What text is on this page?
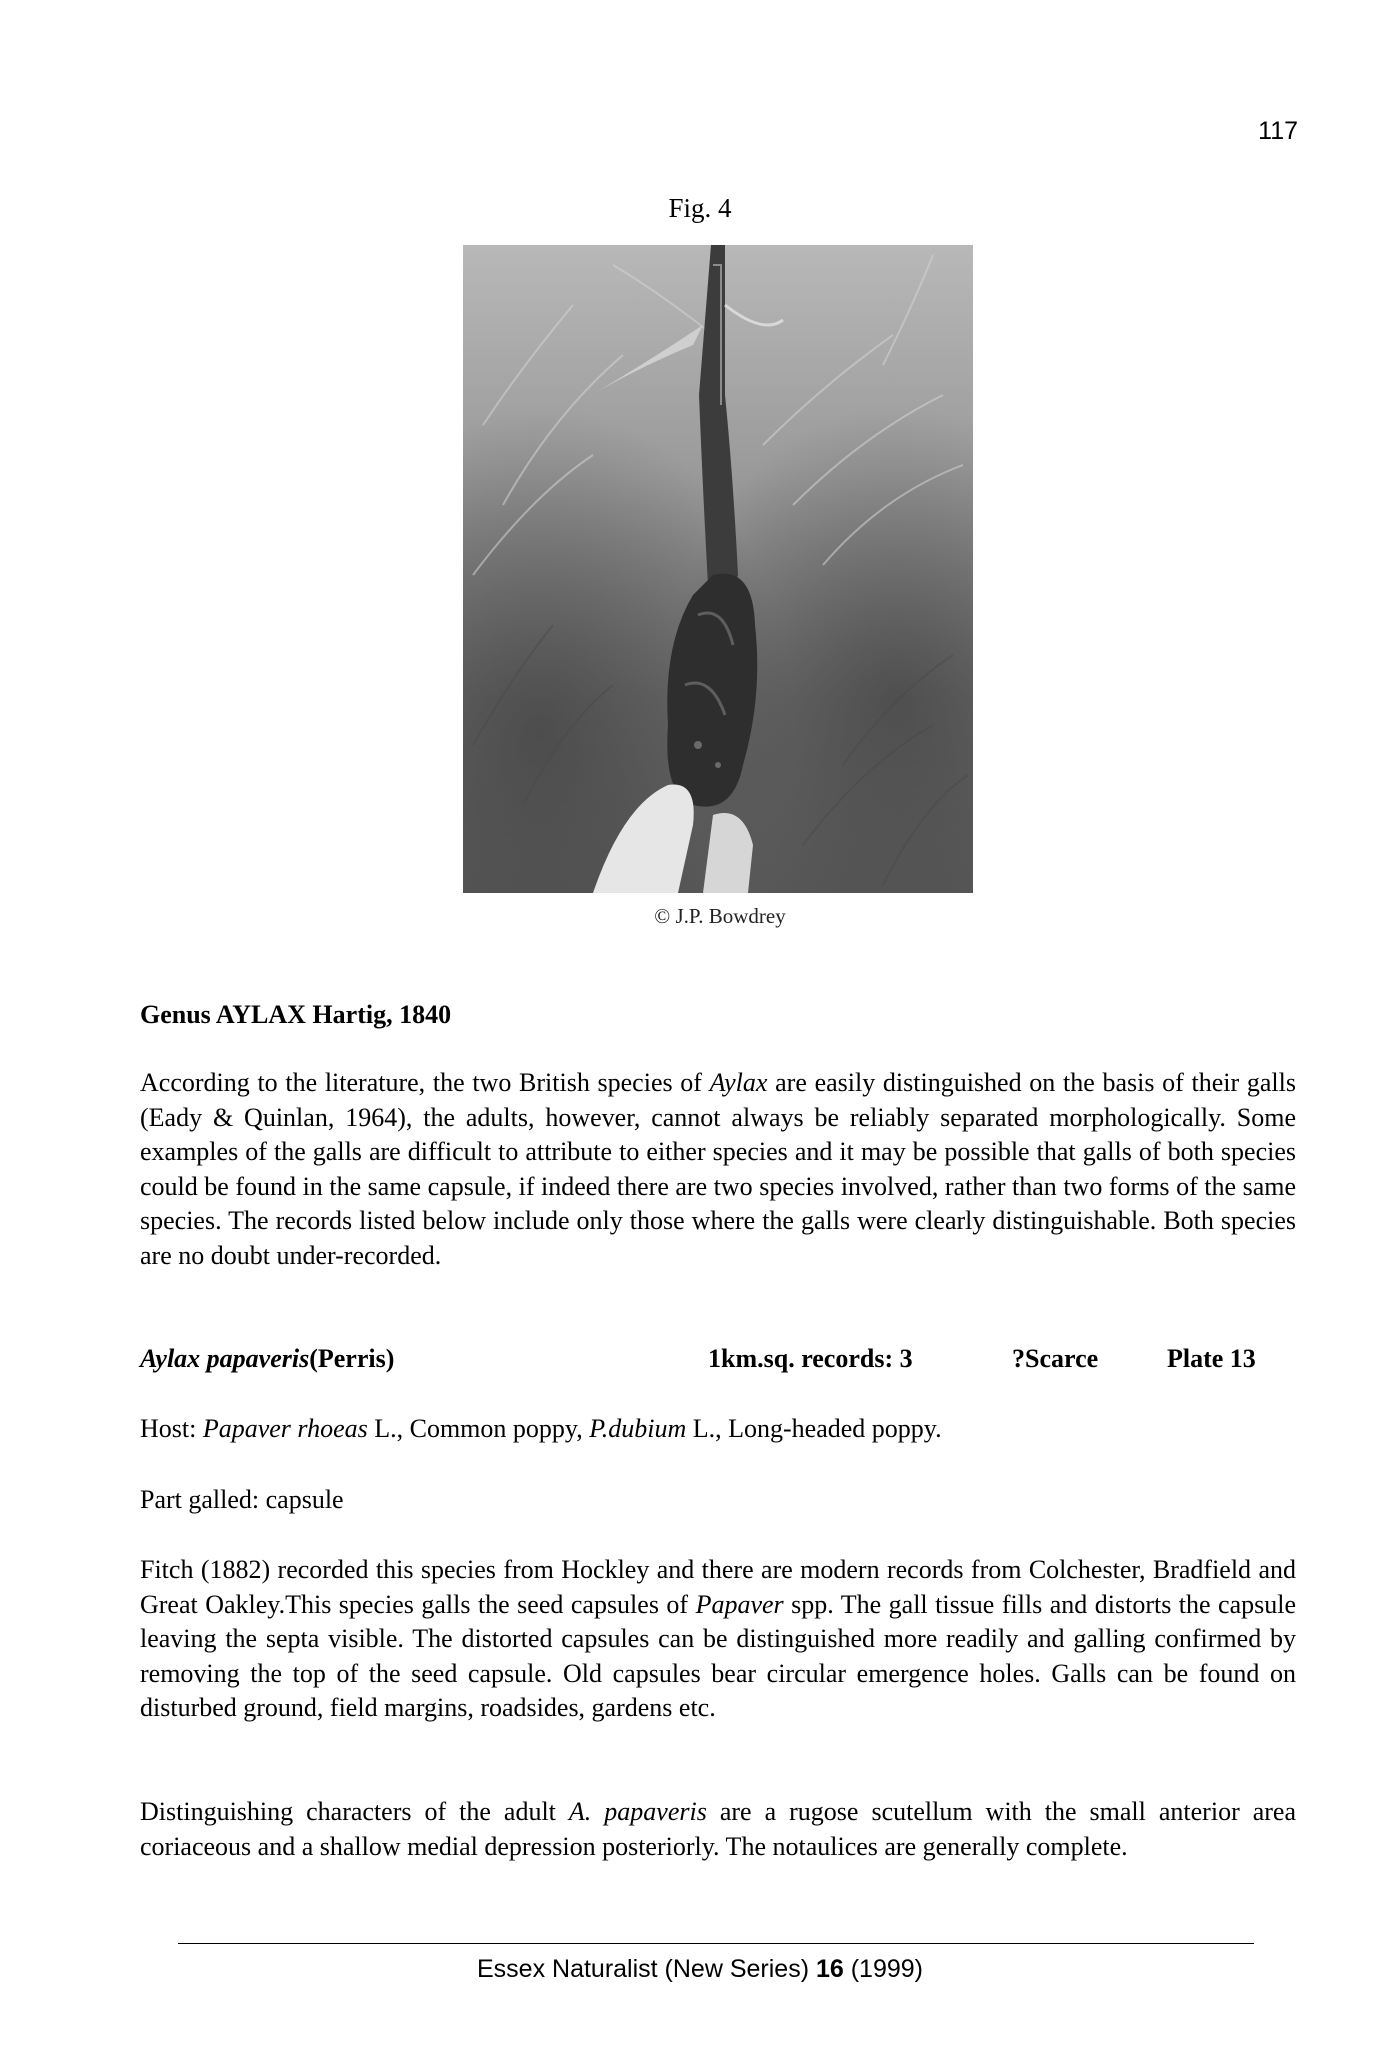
117
Fig. 4
© J.P. Bowdrey
Genus AYLAX Hartig, 1840
According to the literature, the two British species of Aylax are easily distinguished on the basis of their galls (Eady & Quinlan, 1964), the adults, however, cannot always be reliably separated morphologically. Some examples of the galls are difficult to attribute to either species and it may be possible that galls of both species could be found in the same capsule, if indeed there are two species involved, rather than two forms of the same species. The records listed below include only those where the galls were clearly distinguishable. Both species are no doubt under-recorded.
Aylax papaveris (Perris)	1km.sq. records: 3	?Scarce	Plate 13
Host: Papaver rhoeas L., Common poppy, P.dubium L., Long-headed poppy.
Part galled: capsule
Fitch (1882) recorded this species from Hockley and there are modern records from Colchester, Bradfield and Great Oakley.This species galls the seed capsules of Papaver spp. The gall tissue fills and distorts the capsule leaving the septa visible. The distorted capsules can be distinguished more readily and galling confirmed by removing the top of the seed capsule. Old capsules bear circular emergence holes. Galls can be found on disturbed ground, field margins, roadsides, gardens etc.
Distinguishing characters of the adult A. papaveris are a rugose scutellum with the small anterior area coriaceous and a shallow medial depression posteriorly. The notaulices are generally complete.
Essex Naturalist (New Series) 16 (1999)
